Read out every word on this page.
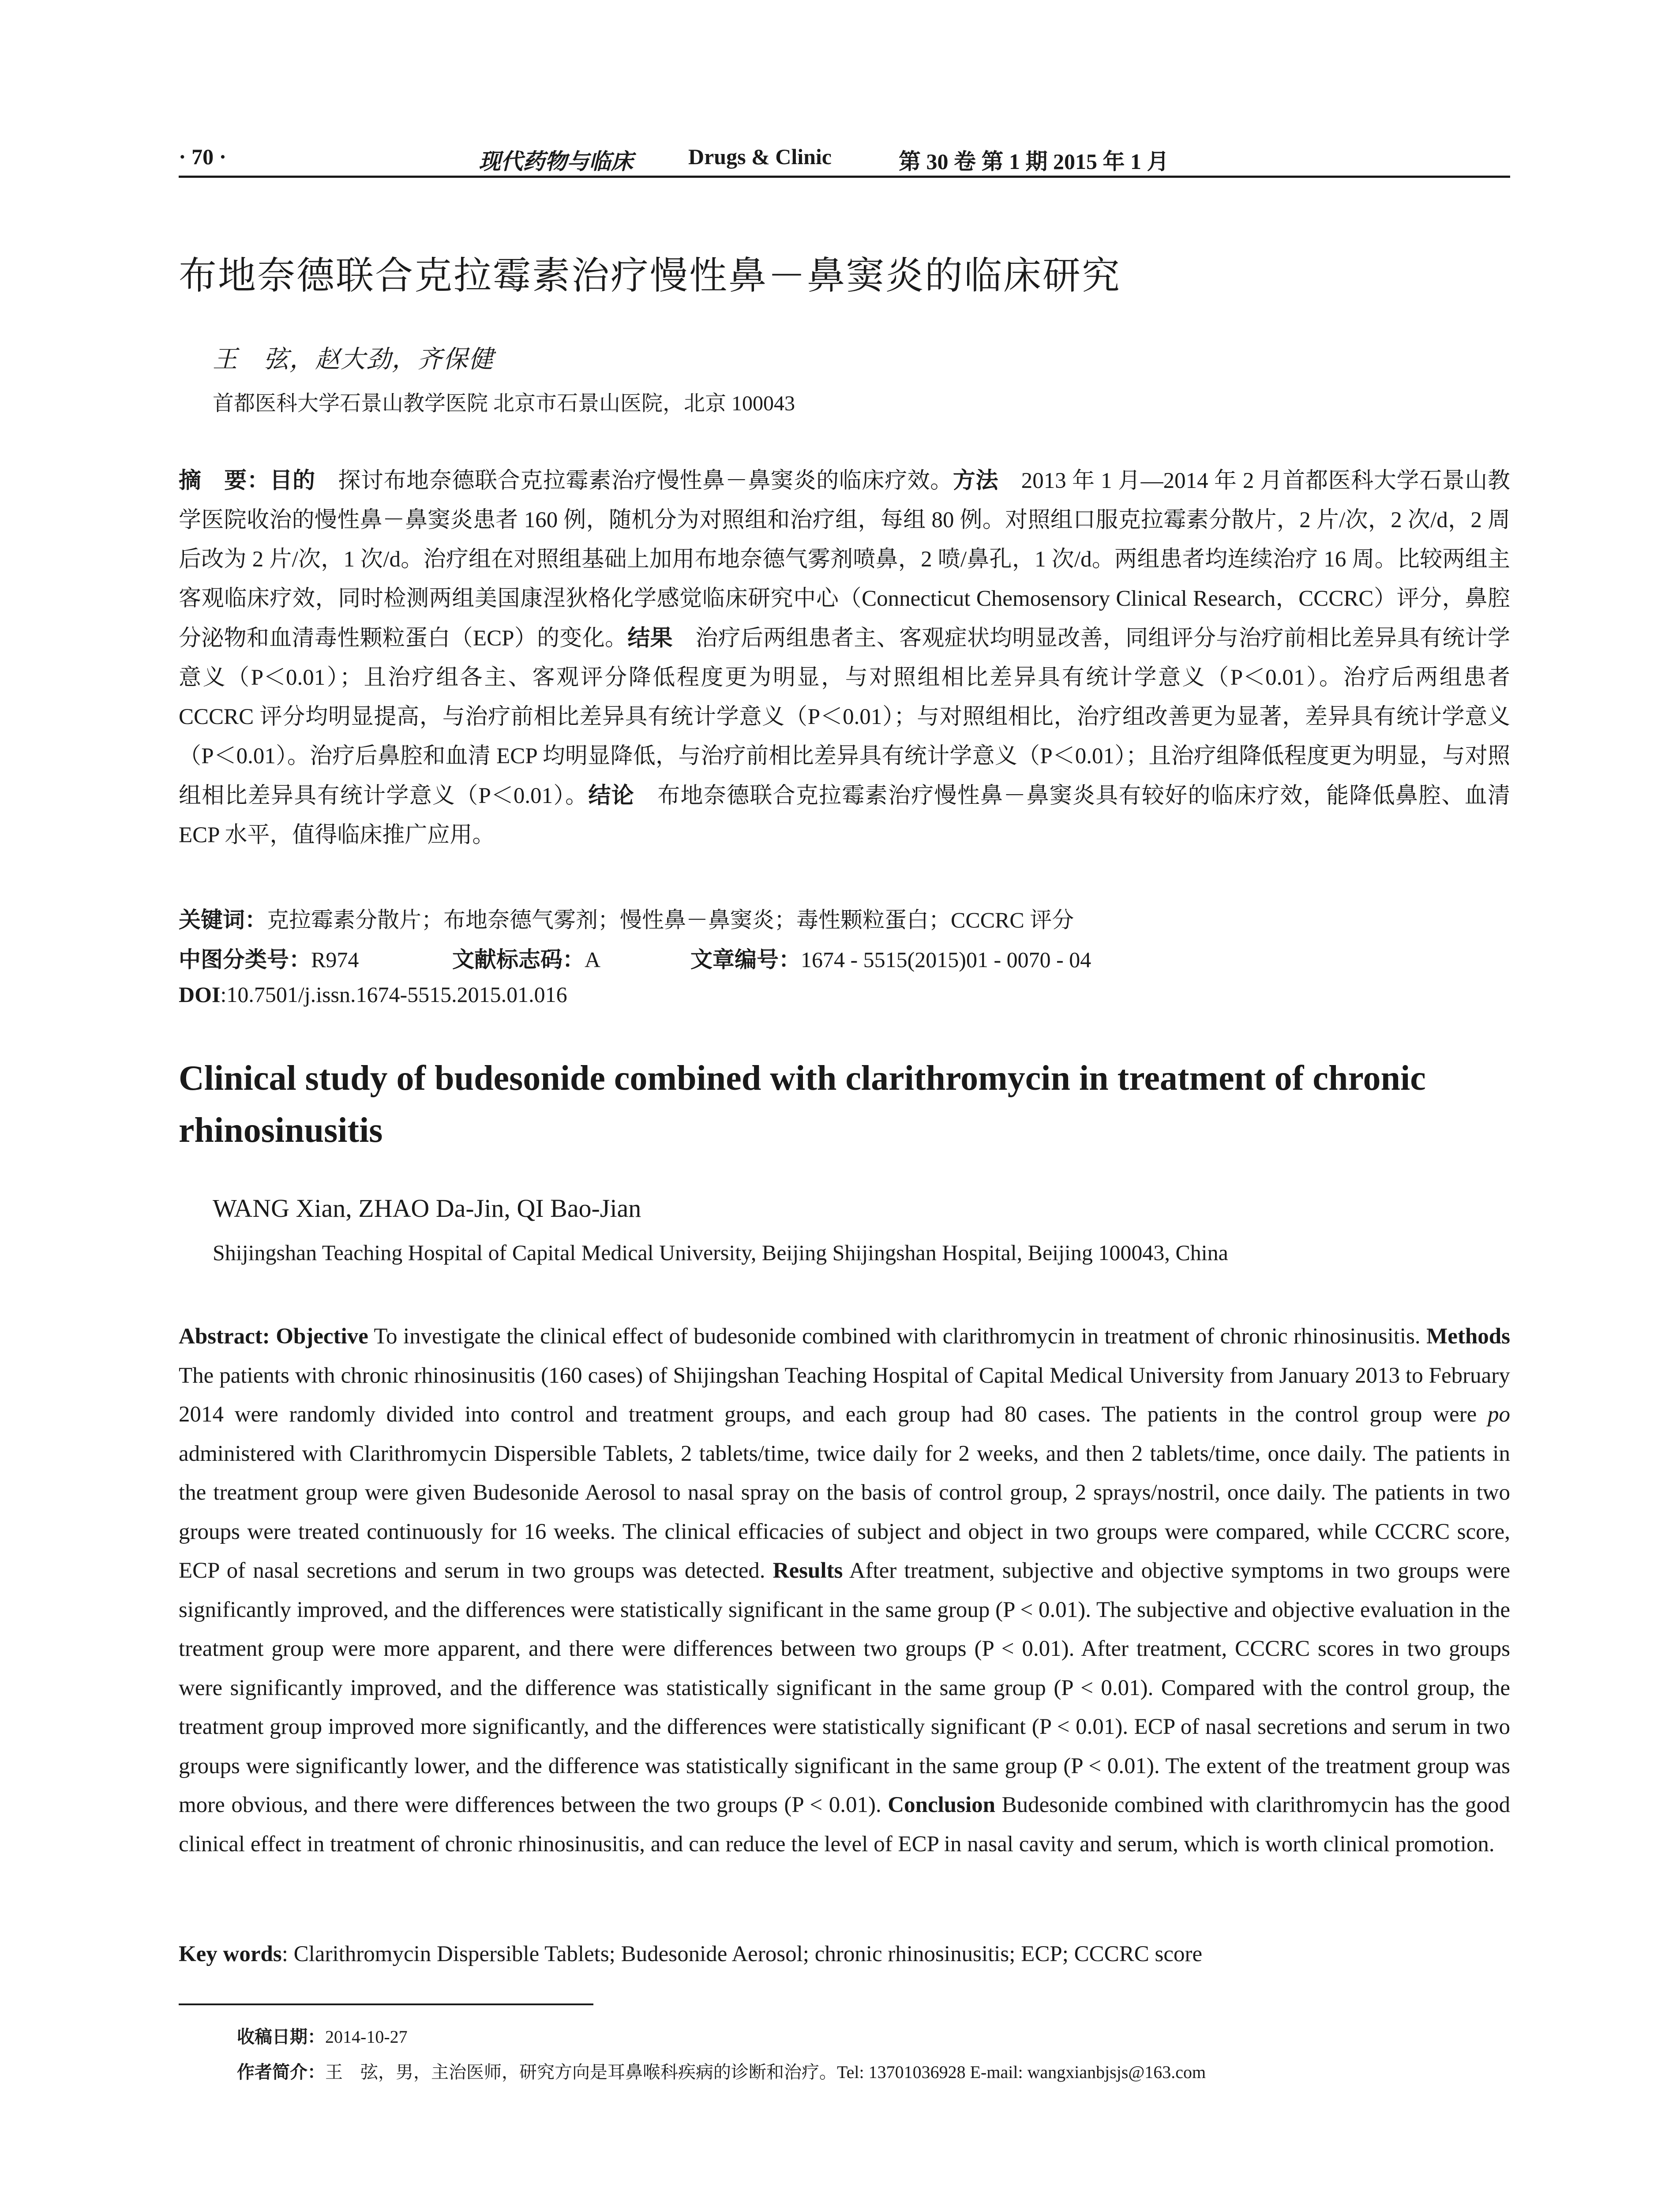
· 70 ·	现代药物与临床	Drugs & Clinic	第 30 卷 第 1 期 2015 年 1 月
布地奈德联合克拉霉素治疗慢性鼻－鼻窦炎的临床研究
王　弦，赵大劲，齐保健
首都医科大学石景山教学医院 北京市石景山医院，北京 100043
摘　要：目的　探讨布地奈德联合克拉霉素治疗慢性鼻－鼻窦炎的临床疗效。方法　2013 年 1 月—2014 年 2 月首都医科大学石景山教学医院收治的慢性鼻－鼻窦炎患者 160 例，随机分为对照组和治疗组，每组 80 例。对照组口服克拉霉素分散片，2 片/次，2 次/d，2 周后改为 2 片/次，1 次/d。治疗组在对照组基础上加用布地奈德气雾剂喷鼻，2 喷/鼻孔，1 次/d。两组患者均连续治疗 16 周。比较两组主客观临床疗效，同时检测两组美国康涅狄格化学感觉临床研究中心（Connecticut Chemosensory Clinical Research，CCCRC）评分，鼻腔分泌物和血清毒性颗粒蛋白（ECP）的变化。结果　治疗后两组患者主、客观症状均明显改善，同组评分与治疗前相比差异具有统计学意义（P＜0.01）；且治疗组各主、客观评分降低程度更为明显，与对照组相比差异具有统计学意义（P＜0.01）。治疗后两组患者 CCCRC 评分均明显提高，与治疗前相比差异具有统计学意义（P＜0.01）；与对照组相比，治疗组改善更为显著，差异具有统计学意义（P＜0.01）。治疗后鼻腔和血清 ECP 均明显降低，与治疗前相比差异具有统计学意义（P＜0.01）；且治疗组降低程度更为明显，与对照组相比差异具有统计学意义（P＜0.01）。结论　布地奈德联合克拉霉素治疗慢性鼻－鼻窦炎具有较好的临床疗效，能降低鼻腔、血清 ECP 水平，值得临床推广应用。
关键词：克拉霉素分散片；布地奈德气雾剂；慢性鼻－鼻窦炎；毒性颗粒蛋白；CCCRC 评分
中图分类号：R974	文献标志码：A	文章编号：1674 - 5515(2015)01 - 0070 - 04
DOI:10.7501/j.issn.1674-5515.2015.01.016
Clinical study of budesonide combined with clarithromycin in treatment of chronic rhinosinusitis
WANG Xian, ZHAO Da-Jin, QI Bao-Jian
Shijingshan Teaching Hospital of Capital Medical University, Beijing Shijingshan Hospital, Beijing 100043, China
Abstract: Objective To investigate the clinical effect of budesonide combined with clarithromycin in treatment of chronic rhinosinusitis. Methods The patients with chronic rhinosinusitis (160 cases) of Shijingshan Teaching Hospital of Capital Medical University from January 2013 to February 2014 were randomly divided into control and treatment groups, and each group had 80 cases. The patients in the control group were po administered with Clarithromycin Dispersible Tablets, 2 tablets/time, twice daily for 2 weeks, and then 2 tablets/time, once daily. The patients in the treatment group were given Budesonide Aerosol to nasal spray on the basis of control group, 2 sprays/nostril, once daily. The patients in two groups were treated continuously for 16 weeks. The clinical efficacies of subject and object in two groups were compared, while CCCRC score, ECP of nasal secretions and serum in two groups was detected. Results After treatment, subjective and objective symptoms in two groups were significantly improved, and the differences were statistically significant in the same group (P < 0.01). The subjective and objective evaluation in the treatment group were more apparent, and there were differences between two groups (P < 0.01). After treatment, CCCRC scores in two groups were significantly improved, and the difference was statistically significant in the same group (P < 0.01). Compared with the control group, the treatment group improved more significantly, and the differences were statistically significant (P < 0.01). ECP of nasal secretions and serum in two groups were significantly lower, and the difference was statistically significant in the same group (P < 0.01). The extent of the treatment group was more obvious, and there were differences between the two groups (P < 0.01). Conclusion Budesonide combined with clarithromycin has the good clinical effect in treatment of chronic rhinosinusitis, and can reduce the level of ECP in nasal cavity and serum, which is worth clinical promotion.
Key words: Clarithromycin Dispersible Tablets; Budesonide Aerosol; chronic rhinosinusitis; ECP; CCCRC score
收稿日期：2014-10-27
作者简介：王　弦，男，主治医师，研究方向是耳鼻喉科疾病的诊断和治疗。Tel: 13701036928 E-mail: wangxianbjsjs@163.com
